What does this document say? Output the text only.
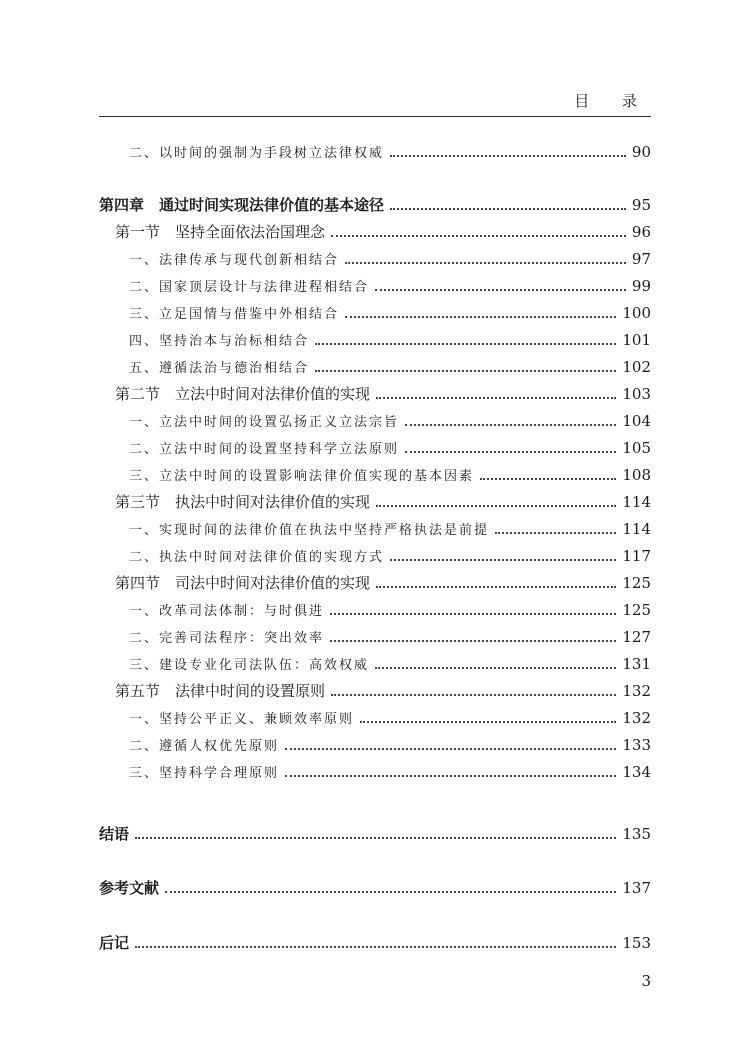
目 录
二、以时间的强制为手段树立法律权威	90
第四章　通过时间实现法律价值的基本途径	95
第一节　坚持全面依法治国理念	96
一、法律传承与现代创新相结合	97
二、国家顶层设计与法律进程相结合	99
三、立足国情与借鉴中外相结合	100
四、坚持治本与治标相结合	101
五、遵循法治与德治相结合	102
第二节　立法中时间对法律价值的实现	103
一、立法中时间的设置弘扬正义立法宗旨	104
二、立法中时间的设置坚持科学立法原则	105
三、立法中时间的设置影响法律价值实现的基本因素	108
第三节　执法中时间对法律价值的实现	114
一、实现时间的法律价值在执法中坚持严格执法是前提	114
二、执法中时间对法律价值的实现方式	117
第四节　司法中时间对法律价值的实现	125
一、改革司法体制：与时俱进	125
二、完善司法程序：突出效率	127
三、建设专业化司法队伍：高效权威	131
第五节　法律中时间的设置原则	132
一、坚持公平正义、兼顾效率原则	132
二、遵循人权优先原则	133
三、坚持科学合理原则	134
结语	135
参考文献	137
后记	153
3
